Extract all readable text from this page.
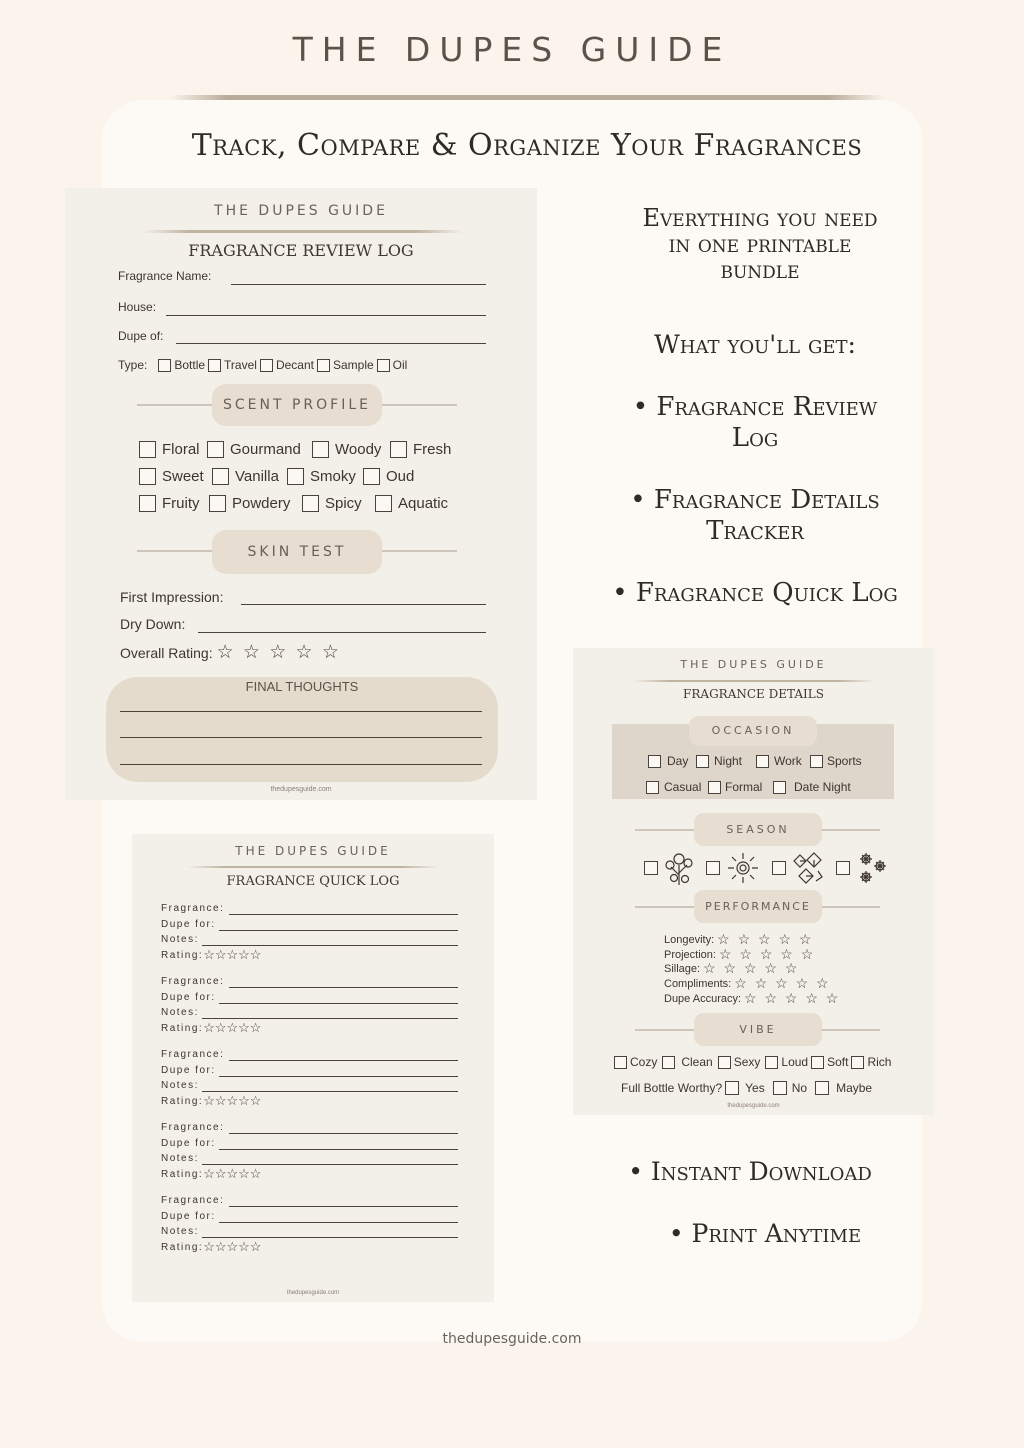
THE DUPES GUIDE
Track, Compare & Organize Your Fragrances
THE DUPES GUIDE
FRAGRANCE REVIEW LOG
Fragrance Name:
House:
Dupe of:
Type: Bottle Travel Decant Sample Oil
SCENT PROFILE
Floral	Gourmand	Woody	Fresh
Sweet	Vanilla	Smoky	Oud
Fruity	Powdery	Spicy	Aquatic
SKIN TEST
First Impression:
Dry Down:
Overall Rating: ☆ ☆ ☆ ☆ ☆
FINAL THOUGHTS
thedupesguide.com
Everything you need
in one printable
bundle
What you'll get:
• Fragrance Review
Log
• Fragrance Details
Tracker
• Fragrance Quick Log
THE DUPES GUIDE
FRAGRANCE DETAILS
OCCASION
Day	Night	Work	Sports
Casual	Formal	Date Night
SEASON
PERFORMANCE
Longevity: ☆ ☆ ☆ ☆ ☆
Projection: ☆ ☆ ☆ ☆ ☆
Sillage: ☆ ☆ ☆ ☆ ☆
Compliments: ☆ ☆ ☆ ☆ ☆
Dupe Accuracy: ☆ ☆ ☆ ☆ ☆
VIBE
Cozy Clean Sexy Loud Soft Rich
Full Bottle Worthy? Yes No Maybe
thedupesguide.com
THE DUPES GUIDE
FRAGRANCE QUICK LOG
Fragrance:
Dupe for:
Notes:
Rating: ☆☆☆☆☆
Fragrance:
Dupe for:
Notes:
Rating: ☆☆☆☆☆
Fragrance:
Dupe for:
Notes:
Rating: ☆☆☆☆☆
Fragrance:
Dupe for:
Notes:
Rating: ☆☆☆☆☆
Fragrance:
Dupe for:
Notes:
Rating: ☆☆☆☆☆
thedupesguide.com
• Instant Download
• Print Anytime
thedupesguide.com
